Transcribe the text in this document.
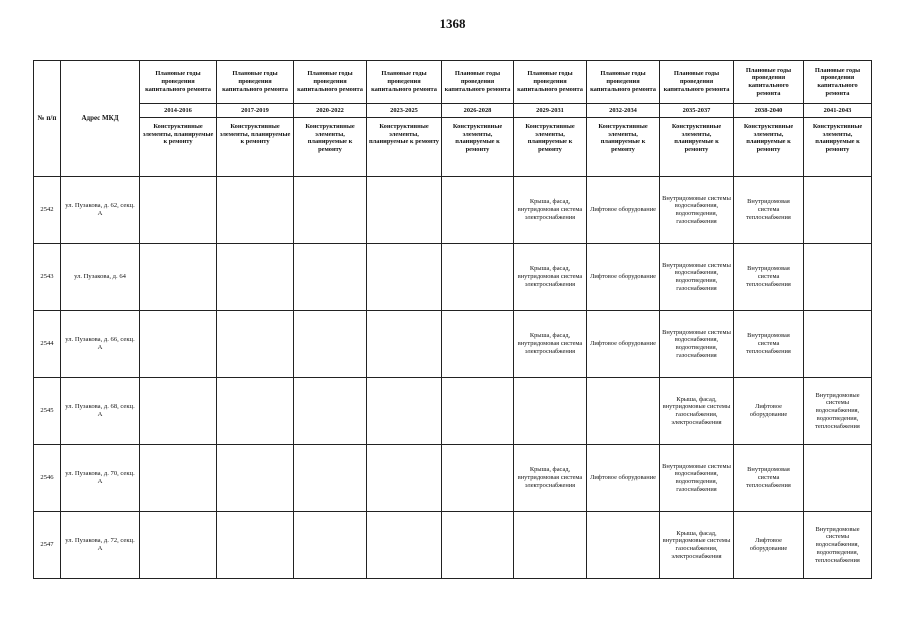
1368
№ п/п	Адрес МКД	Плановые годы проведения капитального ремонта	Плановые годы проведения капитального ремонта	Плановые годы проведения капитального ремонта	Плановые годы проведения капитального ремонта	Плановые годы проведения капитального ремонта	Плановые годы проведения капитального ремонта	Плановые годы проведения капитального ремонта	Плановые годы проведения капитального ремонта	Плановые годы проведения капитального ремонта	Плановые годы проведения капитального ремонта
		2014-2016	2017-2019	2020-2022	2023-2025	2026-2028	2029-2031	2032-2034	2035-2037	2038-2040	2041-2043
		Конструктивные элементы, планируемые к ремонту	Конструктивные элементы, планируемые к ремонту	Конструктивные элементы, планируемые к ремонту	Конструктивные элементы, планируемые к ремонту	Конструктивные элементы, планируемые к ремонту	Конструктивные элементы, планируемые к ремонту	Конструктивные элементы, планируемые к ремонту	Конструктивные элементы, планируемые к ремонту	Конструктивные элементы, планируемые к ремонту	Конструктивные элементы, планируемые к ремонту
2542	ул. Пузакова, д. 62, секц. А						Крыша, фасад, внутридомовая система электроснабжения	Лифтовое оборудование	Внутридомовые системы водоснабжения, водоотведения, газоснабжения	Внутридомовая система теплоснабжения	
2543	ул. Пузакова, д. 64						Крыша, фасад, внутридомовая система электроснабжения	Лифтовое оборудование	Внутридомовые системы водоснабжения, водоотведения, газоснабжения	Внутридомовая система теплоснабжения	
2544	ул. Пузакова, д. 66, секц. А						Крыша, фасад, внутридомовая система электроснабжения	Лифтовое оборудование	Внутридомовые системы водоснабжения, водоотведения, газоснабжения	Внутридомовая система теплоснабжения	
2545	ул. Пузакова, д. 68, секц. А								Крыша, фасад, внутридомовые системы газоснабжения, электроснабжения	Лифтовое оборудование	Внутридомовые системы водоснабжения, водоотведения, теплоснабжения
2546	ул. Пузакова, д. 70, секц. А						Крыша, фасад, внутридомовая система электроснабжения	Лифтовое оборудование	Внутридомовые системы водоснабжения, водоотведения, газоснабжения	Внутридомовая система теплоснабжения	
2547	ул. Пузакова, д. 72, секц. А								Крыша, фасад, внутридомовые системы газоснабжения, электроснабжения	Лифтовое оборудование	Внутридомовые системы водоснабжения, водоотведения, теплоснабжения
